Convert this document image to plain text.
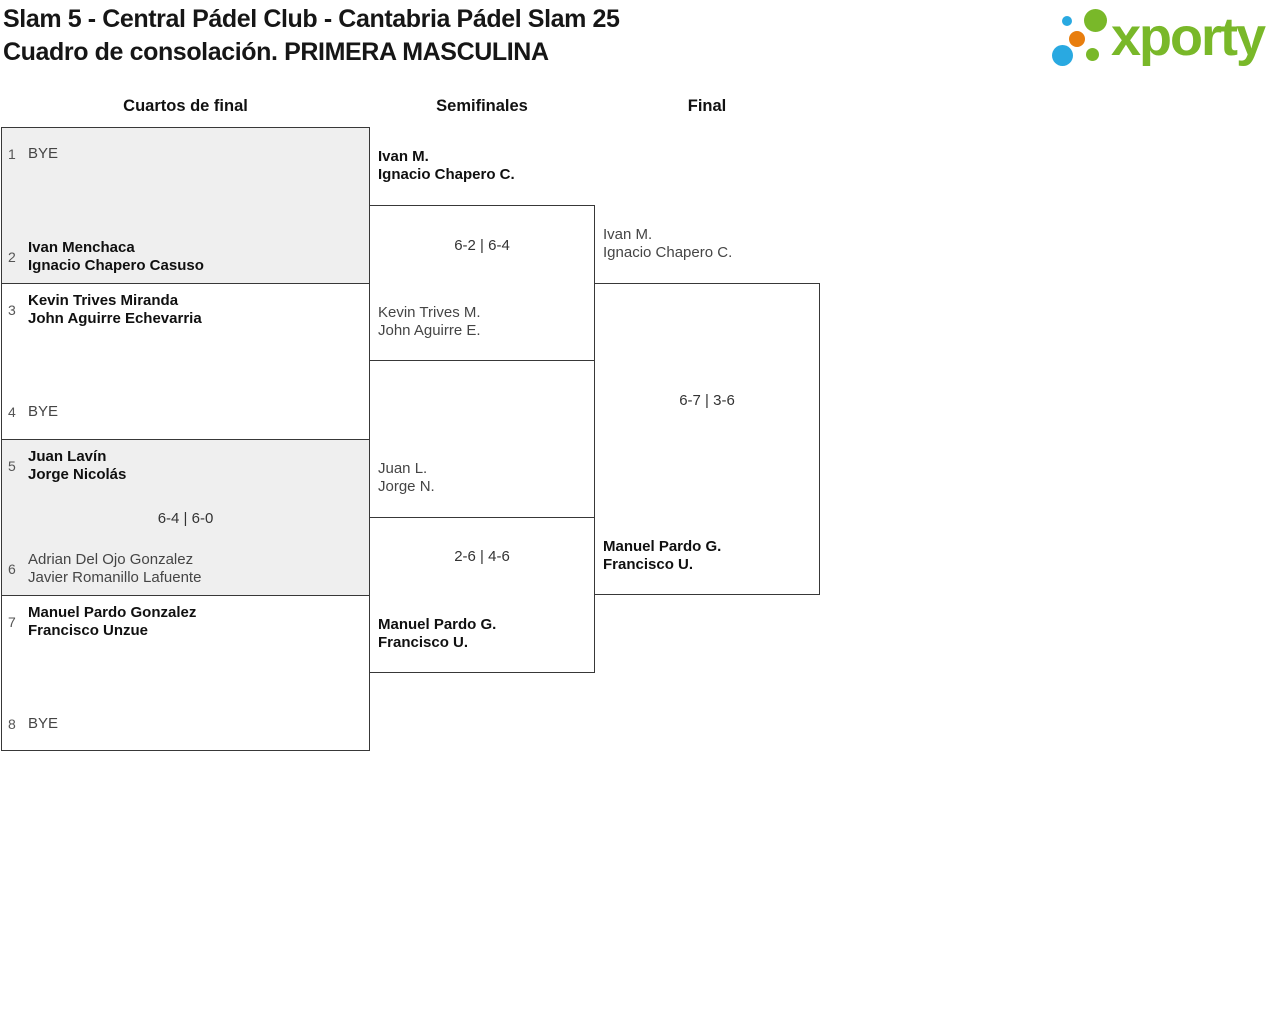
Slam 5 - Central Pádel Club - Cantabria Pádel Slam 25
Cuadro de consolación. PRIMERA MASCULINA	xporty
Cuartos de final	Semifinales	Final
1 BYE
2
Ivan Menchaca
Ignacio Chapero Casuso
3
Kevin Trives Miranda
John Aguirre Echevarria
4 BYE
5
Juan Lavín
Jorge Nicolás
6
Adrian Del Ojo Gonzalez
Javier Romanillo Lafuente
7
Manuel Pardo Gonzalez
Francisco Unzue
8 BYE
Ivan M.
Ignacio Chapero C.
Kevin Trives M.
John Aguirre E.
Juan L.
Jorge N.
Manuel Pardo G.
Francisco U.
Ivan M.
Ignacio Chapero C.
Manuel Pardo G.
Francisco U.
6-4 | 6-0
6-2 | 6-4
2-6 | 4-6
6-7 | 3-6
